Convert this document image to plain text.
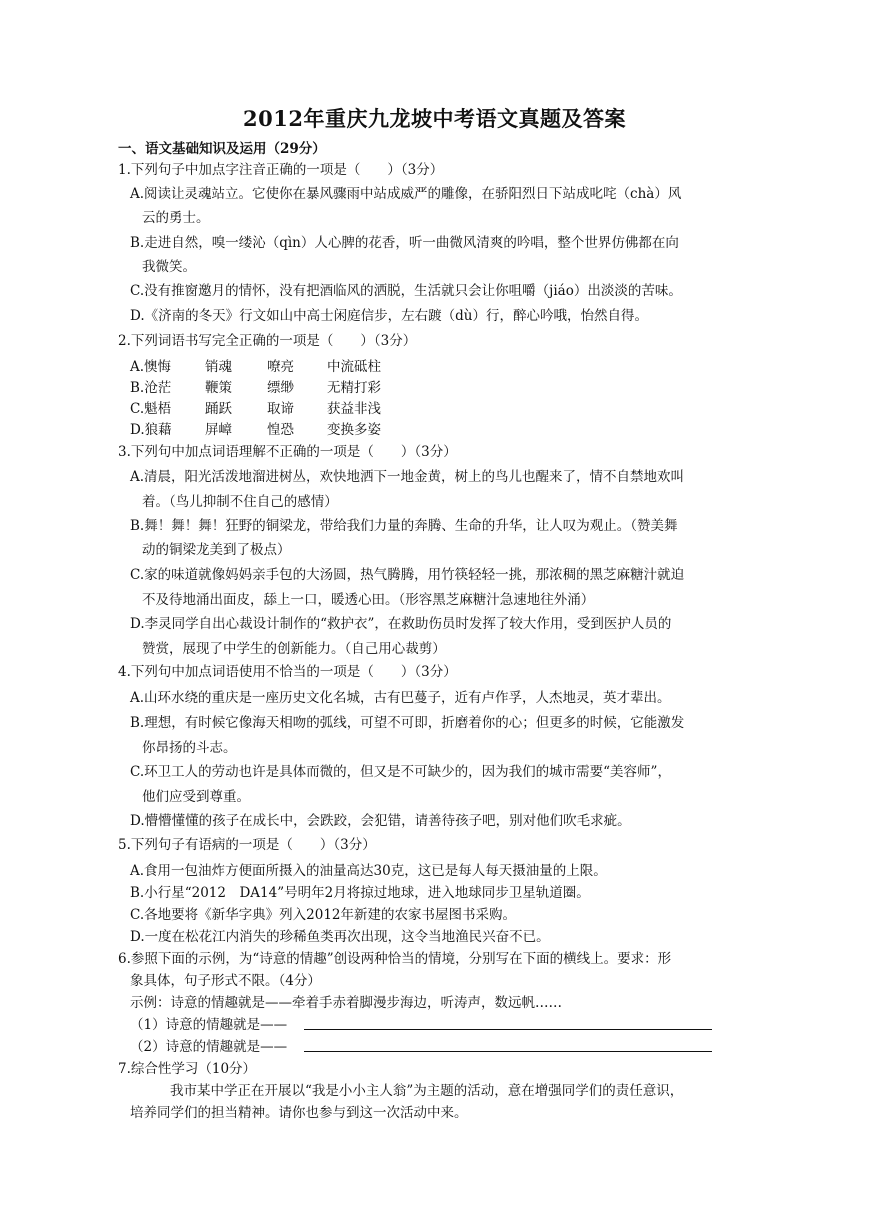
2012年重庆九龙坡中考语文真题及答案
一、语文基础知识及运用（29分）
1.下列句子中加点字注音正确的一项是（　　）（3分）
A.阅读让灵魂站立。它使你在暴风骤雨中站成威严的雕像，在骄阳烈日下站成叱咤（chà）风
云的勇士。
B.走进自然，嗅一缕沁（qìn）人心脾的花香，听一曲微风清爽的吟唱，整个世界仿佛都在向
我微笑。
C.没有推窗邀月的情怀，没有把酒临风的洒脱，生活就只会让你咀嚼（jiáo）出淡淡的苦味。
D.《济南的冬天》行文如山中高士闲庭信步，左右踱（dù）行，醉心吟哦，怡然自得。
2.下列词语书写完全正确的一项是（　　）（3分）
A.懊悔	销魂	嘹亮 中流砥柱
B.沧茫	鞭策	缥缈 无精打彩
C.魁梧	踊跃	取谛 获益非浅
D.狼藉 屏嶂	惶恐 变换多姿
3.下列句中加点词语理解不正确的一项是（　　）（3分）
A.清晨，阳光活泼地溜进树丛，欢快地洒下一地金黄，树上的鸟儿也醒来了，情不自禁地欢叫
着。（鸟儿抑制不住自己的感情）
B.舞！舞！舞！狂野的铜梁龙，带给我们力量的奔腾、生命的升华，让人叹为观止。（赞美舞
动的铜梁龙美到了极点）
C.家的味道就像妈妈亲手包的大汤圆，热气腾腾，用竹筷轻轻一挑，那浓稠的黑芝麻糖汁就迫
不及待地涌出面皮，舔上一口，暖透心田。（形容黑芝麻糖汁急速地往外涌）
D.李灵同学自出心裁设计制作的“救护衣”，在救助伤员时发挥了较大作用，受到医护人员的
赞赏，展现了中学生的创新能力。（自己用心裁剪）
4.下列句中加点词语使用不恰当的一项是（　　）（3分）
A.山环水绕的重庆是一座历史文化名城，古有巴蔓子，近有卢作孚，人杰地灵，英才辈出。
B.理想，有时候它像海天相吻的弧线，可望不可即，折磨着你的心；但更多的时候，它能激发
你昂扬的斗志。
C.环卫工人的劳动也许是具体而微的，但又是不可缺少的，因为我们的城市需要“美容师”，
他们应受到尊重。
D.懵懵懂懂的孩子在成长中，会跌跤，会犯错，请善待孩子吧，别对他们吹毛求疵。
5.下列句子有语病的一项是（　　）（3分）
A.食用一包油炸方便面所摄入的油量高达30克，这已是每人每天摄油量的上限。
B.小行星“2012　DA14”号明年2月将掠过地球，进入地球同步卫星轨道圈。
C.各地要将《新华字典》列入2012年新建的农家书屋图书采购。
D.一度在松花江内消失的珍稀鱼类再次出现，这令当地渔民兴奋不已。
6.参照下面的示例，为“诗意的情趣”创设两种恰当的情境，分别写在下面的横线上。要求：形
象具体，句子形式不限。（4分）
示例：诗意的情趣就是——牵着手赤着脚漫步海边，听涛声，数远帆……
（1）诗意的情趣就是——
（2）诗意的情趣就是——
7.综合性学习（10分）
我市某中学正在开展以“我是小小主人翁”为主题的活动，意在增强同学们的责任意识，
培养同学们的担当精神。请你也参与到这一次活动中来。
